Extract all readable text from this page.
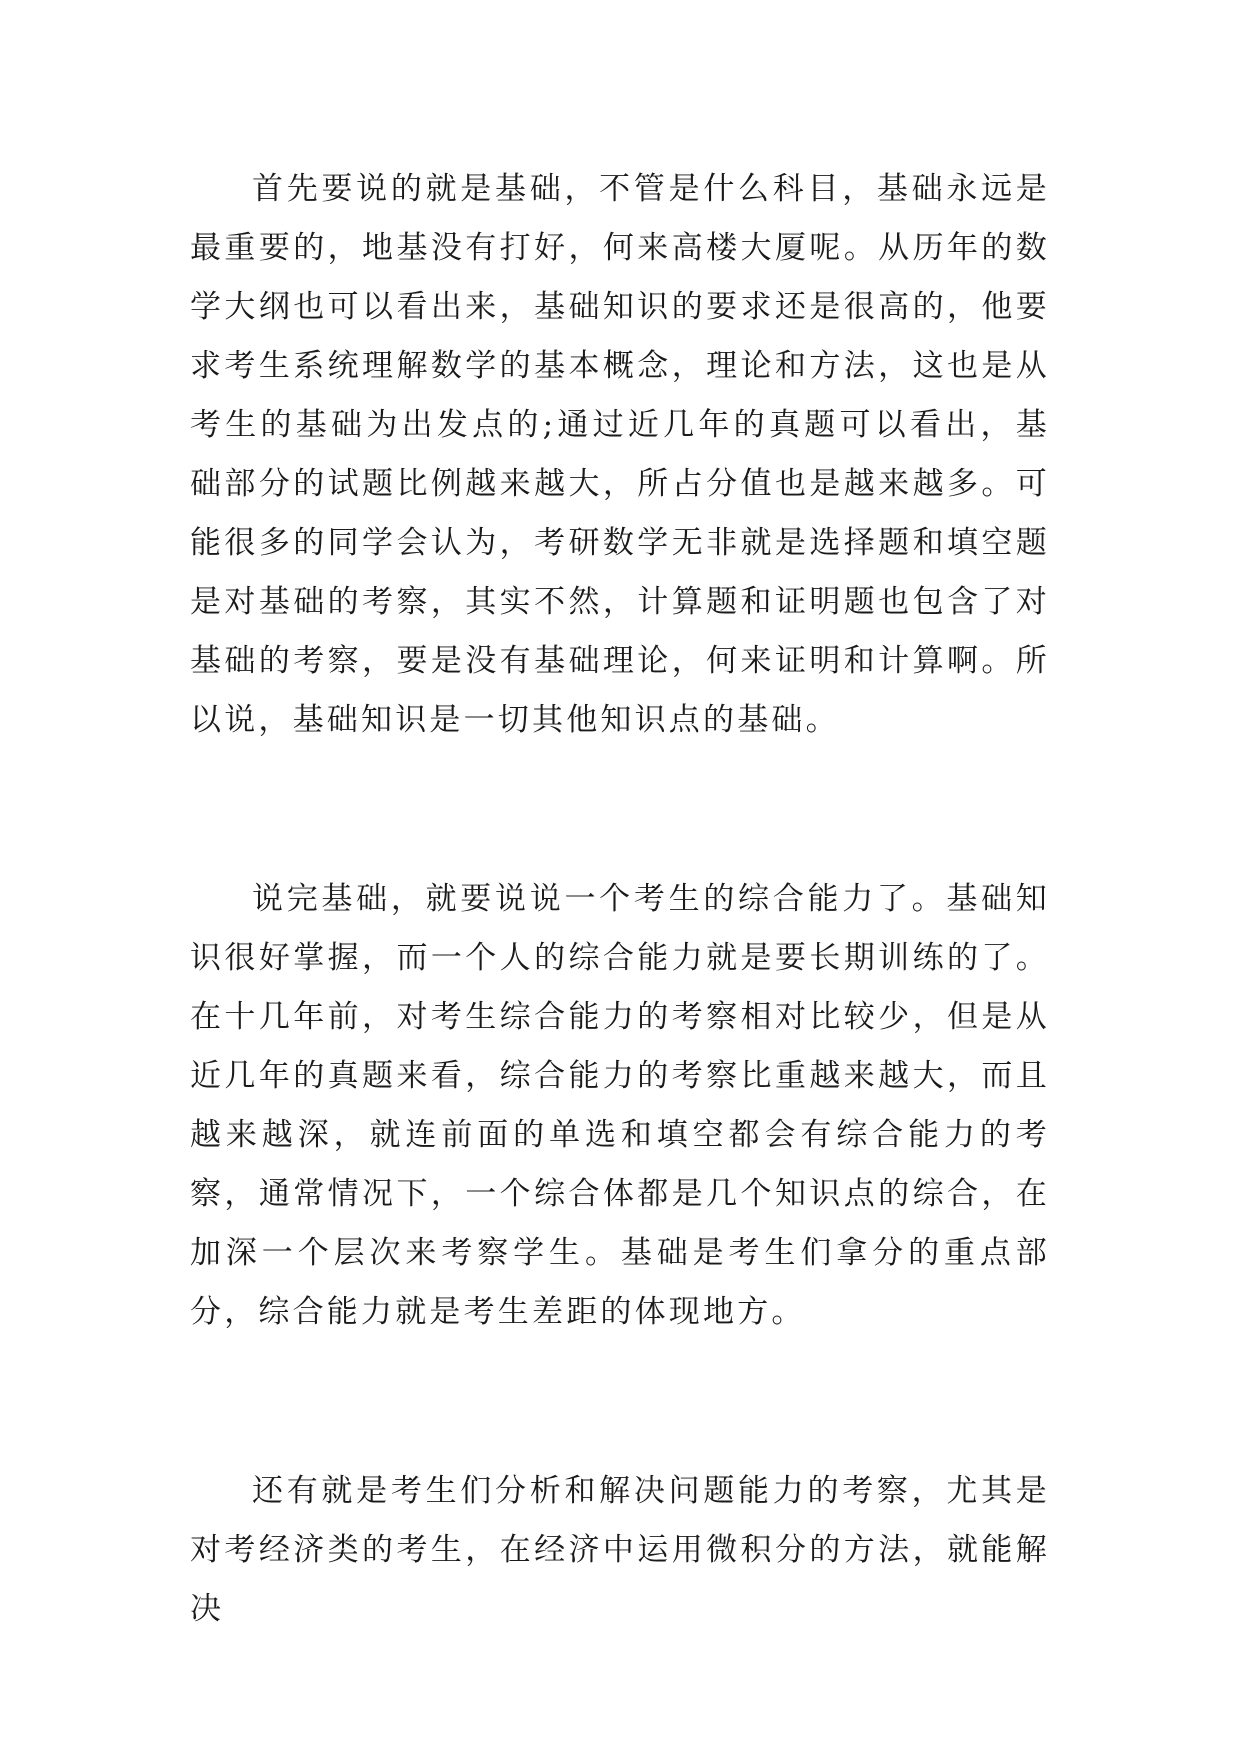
首先要说的就是基础，不管是什么科目，基础永远是最重要的，地基没有打好，何来高楼大厦呢。从历年的数学大纲也可以看出来，基础知识的要求还是很高的，他要求考生系统理解数学的基本概念，理论和方法，这也是从考生的基础为出发点的;通过近几年的真题可以看出，基础部分的试题比例越来越大，所占分值也是越来越多。可能很多的同学会认为，考研数学无非就是选择题和填空题是对基础的考察，其实不然，计算题和证明题也包含了对基础的考察，要是没有基础理论，何来证明和计算啊。所以说，基础知识是一切其他知识点的基础。

说完基础，就要说说一个考生的综合能力了。基础知识很好掌握，而一个人的综合能力就是要长期训练的了。在十几年前，对考生综合能力的考察相对比较少，但是从近几年的真题来看，综合能力的考察比重越来越大，而且越来越深，就连前面的单选和填空都会有综合能力的考察，通常情况下，一个综合体都是几个知识点的综合，在加深一个层次来考察学生。基础是考生们拿分的重点部分，综合能力就是考生差距的体现地方。

还有就是考生们分析和解决问题能力的考察，尤其是对考经济类的考生，在经济中运用微积分的方法，就能解决
